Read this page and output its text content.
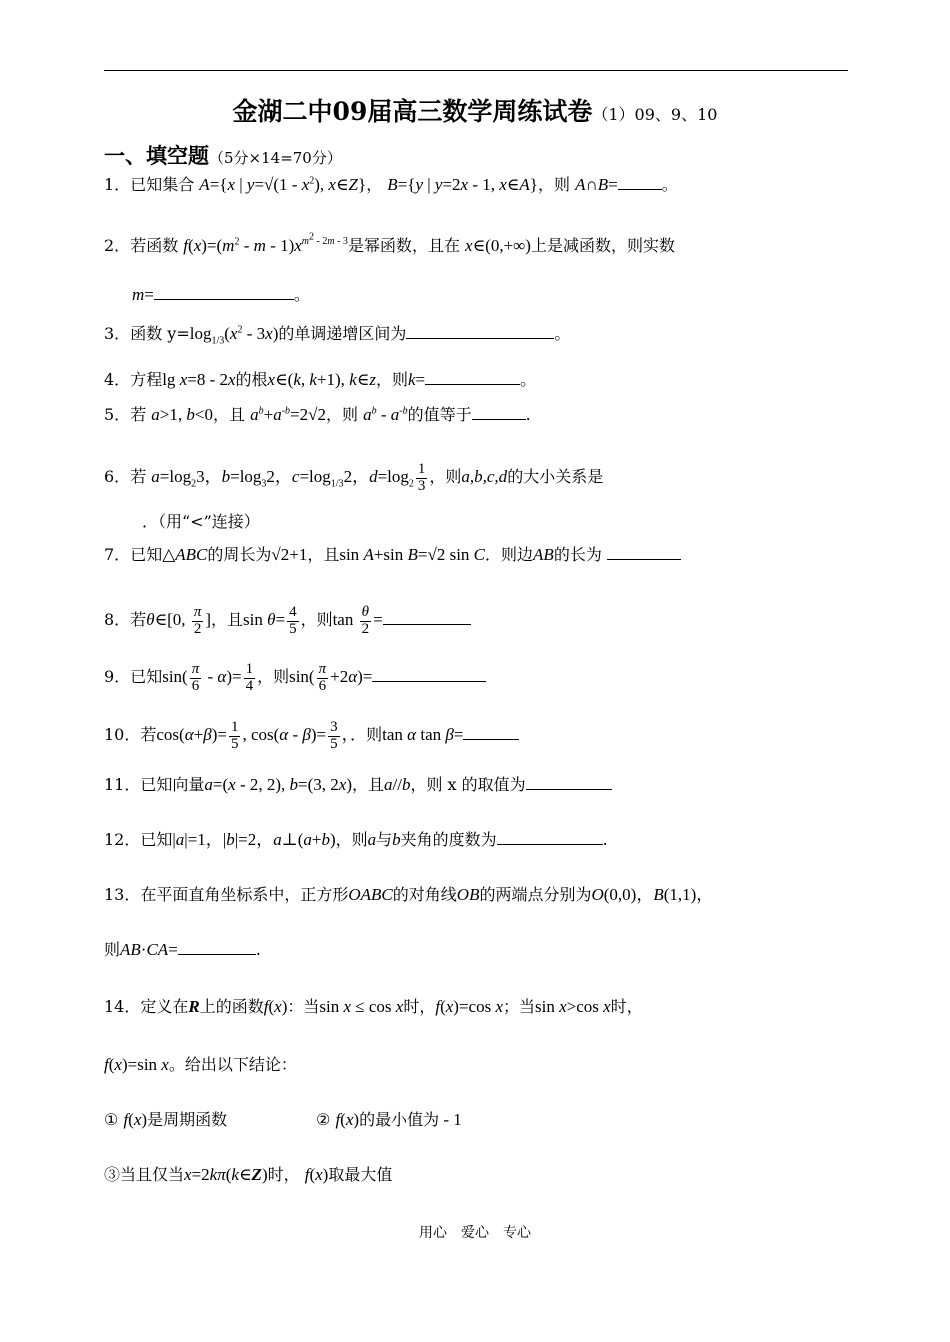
金湖二中09届高三数学周练试卷（1）09、9、10
一、填空题（5分×14=70分）
1．已知集合 A={x | $y=√(1 - x^2)$, x∈Z}， B={y | y=2x - 1, x∈A}，则 A∩B=	。
2．若函数 $f(x)=(m^2 - m - 1)x^{m^2 - 2m - 3}$是幂函数，且在 x∈(0,+∞)上是减函数，则实数
m=	。
3．函数 $y=\log_{1/3}(x^2 - 3x)$的单调递增区间为	。
4．方程lg x=8 - 2x的根x∈(k, k+1), k∈z，则k=	。
5．若 a>1, b<0，且 $a^b+a^{-b}=2√2$，则 $a^b - a^{-b}$的值等于	.
6．若 $a=\log_23$，$b=\log_32$，$c=\log_{1/3}2$，$d=\log_2 \frac{1}{3}$ ，则a,b,c,d的大小关系是
．（用“<”连接）
7．已知△ABC的周长为√2+1，且sin A+sin B=√2 sin C．则边AB的长为
8．若θ∈[0, $\frac{\pi}{2}$ ]，且$\sin \theta= \frac{4}{5}$ ，则$\tan \frac{\theta}{2}$ =
9．已知$\sin( \frac{\pi}{6} - \alpha)= \frac{1}{4}$ ，则$\sin( \frac{\pi}{6} +2\alpha)=$
10．若$\cos(\alpha+\beta)= \frac{1}{5}$ , $\cos(\alpha - \beta)= \frac{3}{5}$ ，．则tan α tan β=
11．已知向量a=(x - 2, 2), b=(3, 2x)，且a//b，则 x 的取值为
12．已知|a|=1，|b|=2，a⊥(a+b)，则a与b夹角的度数为	.
13．在平面直角坐标系中，正方形OABC的对角线OB的两端点分别为O(0,0)，B(1,1)，
则AB·CA=	.
14．定义在R上的函数f(x)：当sin x ≤ cos x时，f(x)=cos x；当sin x>cos x时，
f(x)=sin x。给出以下结论：
① f(x)是周期函数	② f(x)的最小值为 - 1
③当且仅当x=2kπ(k∈Z)时， f(x)取最大值
用心　爱心　专心
